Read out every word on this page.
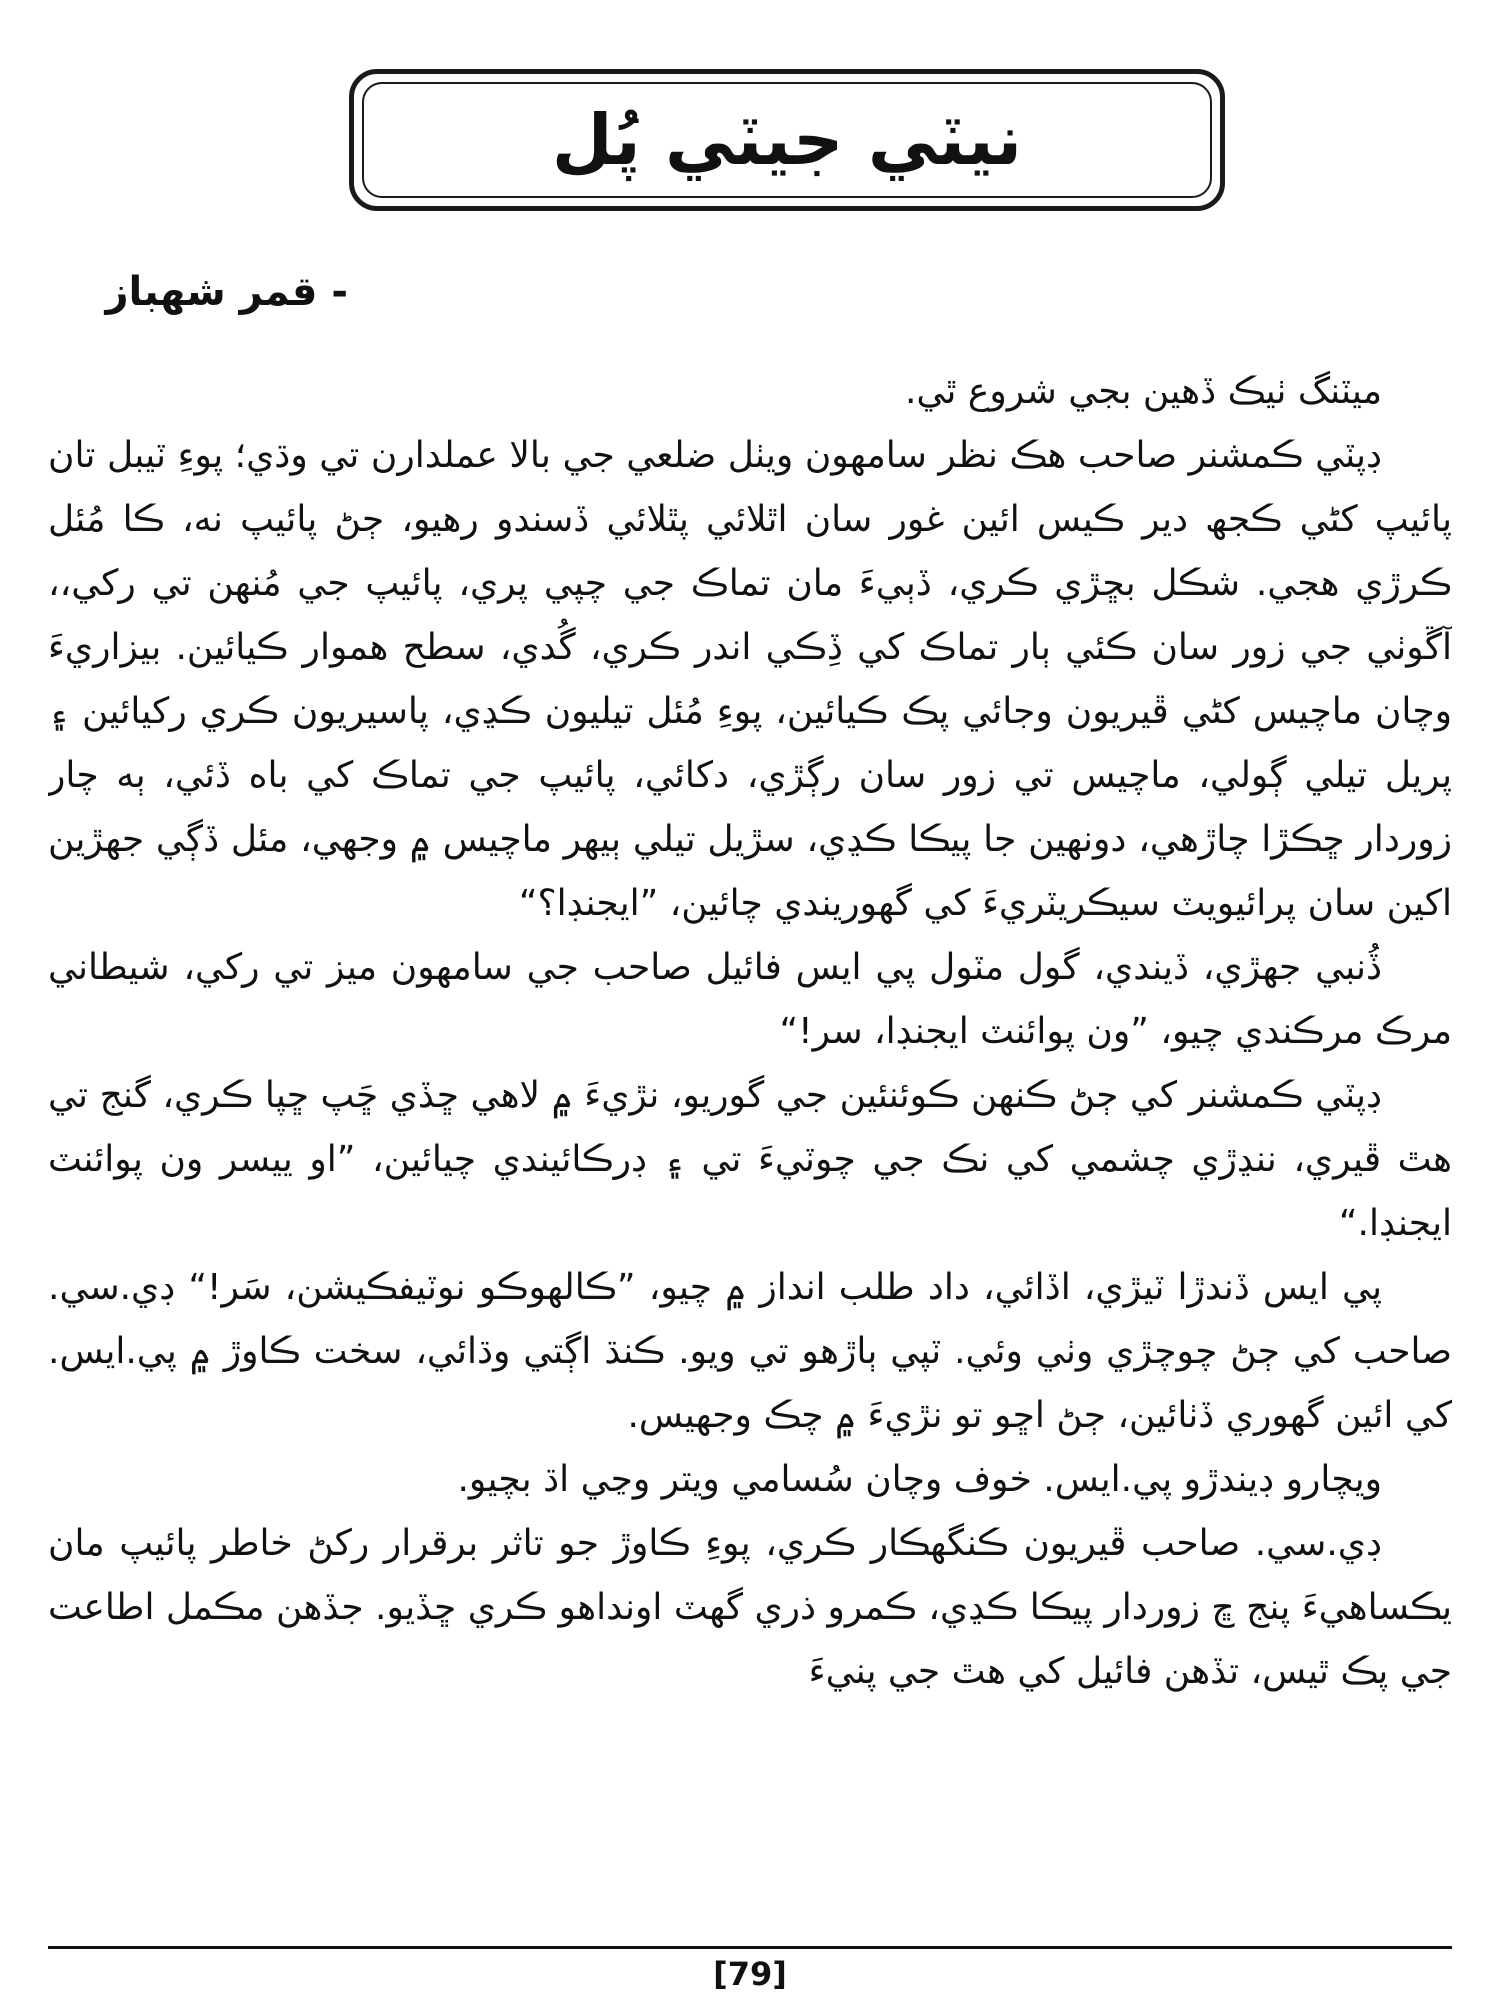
نيٽي جيٽي پُل
- قمر شهباز

ميٽنگ ٺيڪ ڏهين بجي شروع ٿي.

ڊپٽي ڪمشنر صاحب هڪ نظر سامهون ويٺل ضلعي جي بالا عملدارن تي وڌي؛ پوءِ ٽيبل تان پائيپ کڻي ڪجھ دير ڪيس ائين غور سان اٿلائي پٿلائي ڏسندو رهيو، ڄڻ پائيپ نه، ڪا مُئل ڪرڙي هجي. شڪل بڇڙي ڪري، ڏٻيءَ مان تماڪ جي چپي پري، پائيپ جي مُنهن تي رکي،، آڱوٺي جي زور سان ڪئي ٻار تماڪ کي ڏِڪي اندر ڪري، گُدي، سطح هموار ڪيائين. بيزاريءَ وچان ماچيس کڻي ڦيريون وجائي پڪ ڪيائين، پوءِ مُئل تيليون ڪڍي، پاسيريون ڪري رکيائين ۽ پريل تيلي ڳولي، ماچيس تي زور سان رڳڙي، دکائي، پائيپ جي تماڪ کي باه ڏئي، ٻه چار زوردار ڇڪڙا چاڙهي، دونهين جا پيڪا ڪڍي، سڙيل تيلي ٻيهر ماچيس ۾ وجهي، مئل ڏڳي جهڙين اکين سان پرائيويٽ سيڪريٽريءَ کي گهوريندي چائين، ”ايجنڊا؟“

ڏُنبي جهڙي، ڏيندي، گول مٽول پي ايس فائيل صاحب جي سامهون ميز تي رکي، شيطاني مرڪ مرڪندي چيو، ”ون پوائنٽ ايجنڊا، سر!“

ڊپٽي ڪمشنر کي ڄڻ ڪنهن ڪوئنئين جي گوريو، نڙيءَ ۾ لاهي ڇڏي ڇَپ ڇپا ڪري، گنج تي هٿ ڦيري، ننڍڙي چشمي کي نڪ جي چوٽيءَ تي ۽ ڊرڪائيندي چيائين، ”او ييسر ون پوائنٽ ايجنڊا.“

پي ايس ڏندڙا ٽيڙي، اڏائي، داد طلب انداز ۾ چيو، ”ڪالهوڪو نوٽيفڪيشن، سَر!“ ڊي.سي. صاحب کي ڄڻ چوچڙي وٺي وئي. ٽپي ٻاڙهو تي ويو. ڪنڌ اڳتي وڌائي، سخت ڪاوڙ ۾ پي.ايس. کي ائين گهوري ڏٺائين، ڄڻ اڇو تو نڙيءَ ۾ چڪ وجهيس.

ويچارو ڊيندڙو پي.ايس. خوف وچان سُسامي ويتر وڃي اڌ بچيو.

ڊي.سي. صاحب ڦيريون ڪنگهڪار ڪري، پوءِ ڪاوڙ جو تاثر برقرار رکڻ خاطر پائيپ مان يڪساهيءَ پنج ڇ زوردار پيڪا ڪڍي، ڪمرو ذري گهٽ اونداهو ڪري ڇڏيو. جڏهن مڪمل اطاعت جي پڪ ٿيس، تڏهن فائيل کي هٿ جي پنيءَ

[79]
